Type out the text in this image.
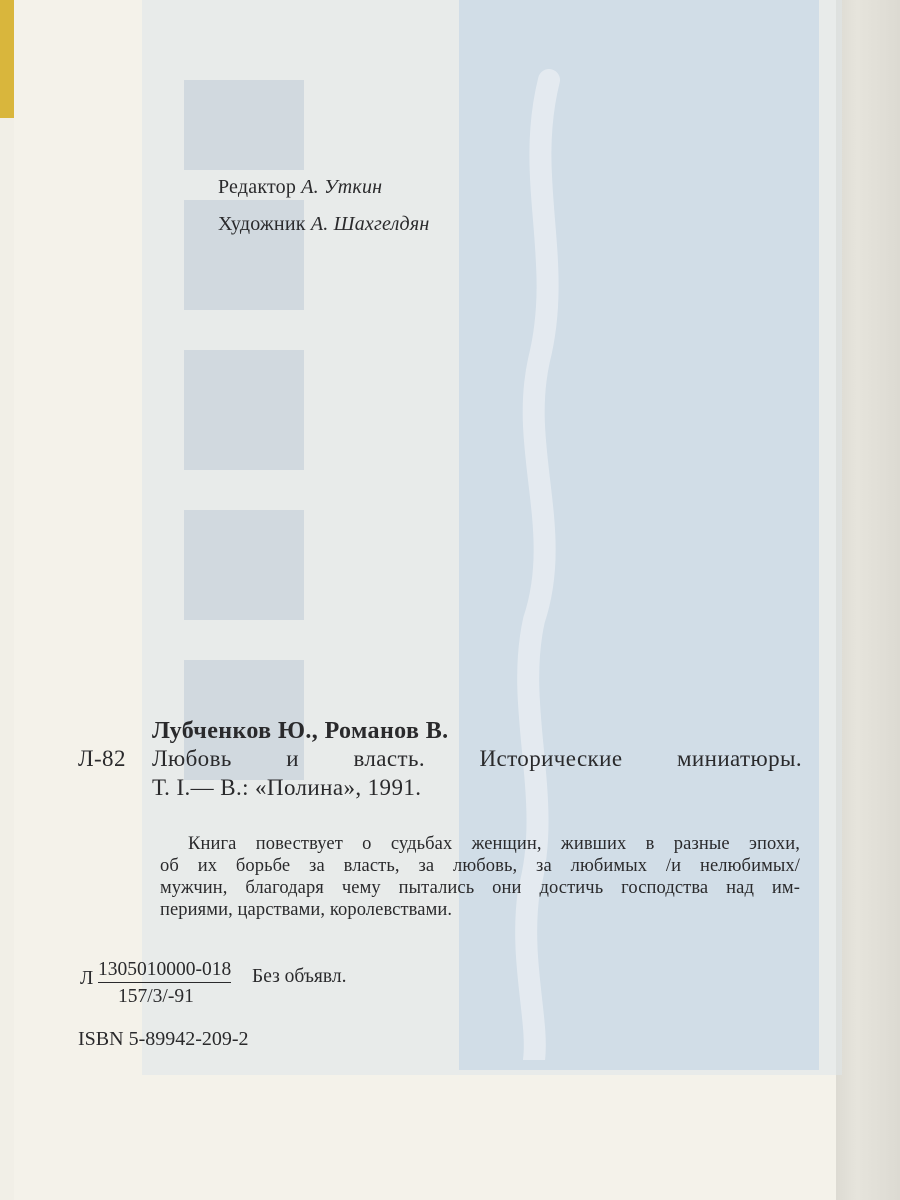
Редактор А. Уткин
Художник А. Шахгелдян
Лубченков Ю., Романов В.
Л-82 Любовь и власть. Исторические миниатюры.
Т. I.— В.: «Полина», 1991.
Книга повествует о судьбах женщин, живших в разные эпохи,
об их борьбе за власть, за любовь, за любимых /и нелюбимых/
мужчин, благодаря чему пытались они достичь господства над им-
периями, царствами, королевствами.
Л 1305010000-018 Без объявл.
157/3/-91
ISBN 5-89942-209-2
